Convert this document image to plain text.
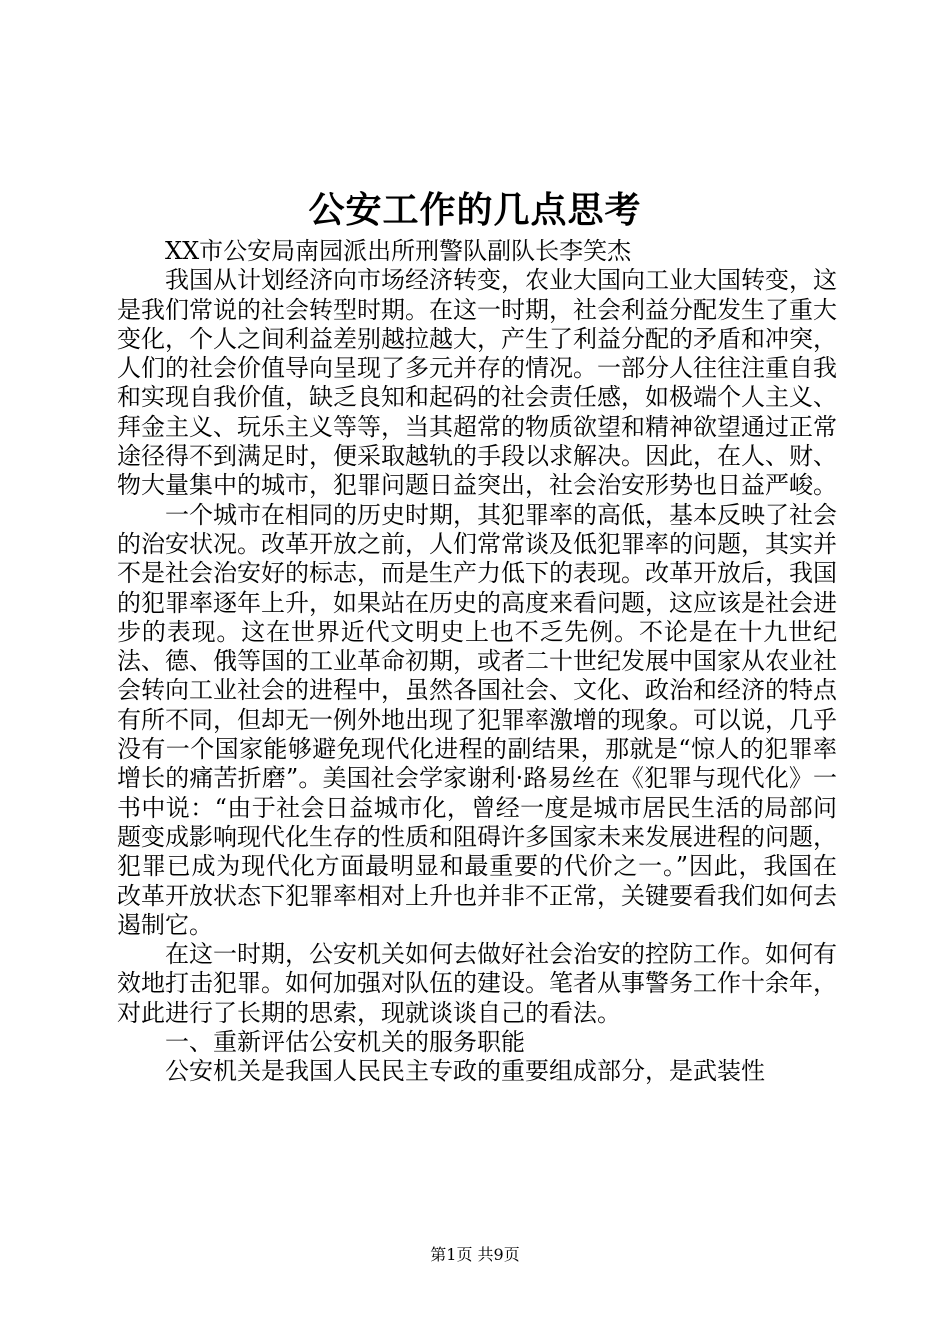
公安工作的几点思考

XX市公安局南园派出所刑警队副队长李笑杰

我国从计划经济向市场经济转变，农业大国向工业大国转变，这是我们常说的社会转型时期。在这一时期，社会利益分配发生了重大变化，个人之间利益差别越拉越大，产生了利益分配的矛盾和冲突，人们的社会价值导向呈现了多元并存的情况。一部分人往往注重自我和实现自我价值，缺乏良知和起码的社会责任感，如极端个人主义、拜金主义、玩乐主义等等，当其超常的物质欲望和精神欲望通过正常途径得不到满足时，便采取越轨的手段以求解决。因此，在人、财、物大量集中的城市，犯罪问题日益突出，社会治安形势也日益严峻。

一个城市在相同的历史时期，其犯罪率的高低，基本反映了社会的治安状况。改革开放之前，人们常常谈及低犯罪率的问题，其实并不是社会治安好的标志，而是生产力低下的表现。改革开放后，我国的犯罪率逐年上升，如果站在历史的高度来看问题，这应该是社会进步的表现。这在世界近代文明史上也不乏先例。不论是在十九世纪法、德、俄等国的工业革命初期，或者二十世纪发展中国家从农业社会转向工业社会的进程中，虽然各国社会、文化、政治和经济的特点有所不同，但却无一例外地出现了犯罪率激增的现象。可以说，几乎没有一个国家能够避免现代化进程的副结果，那就是“惊人的犯罪率增长的痛苦折磨”。美国社会学家谢利·路易丝在《犯罪与现代化》一书中说：“由于社会日益城市化，曾经一度是城市居民生活的局部问题变成影响现代化生存的性质和阻碍许多国家未来发展进程的问题，犯罪已成为现代化方面最明显和最重要的代价之一。”因此，我国在改革开放状态下犯罪率相对上升也并非不正常，关键要看我们如何去遏制它。

在这一时期，公安机关如何去做好社会治安的控防工作。如何有效地打击犯罪。如何加强对队伍的建设。笔者从事警务工作十余年，对此进行了长期的思索，现就谈谈自己的看法。

一、重新评估公安机关的服务职能

公安机关是我国人民民主专政的重要组成部分，是武装性

第1页 共9页
